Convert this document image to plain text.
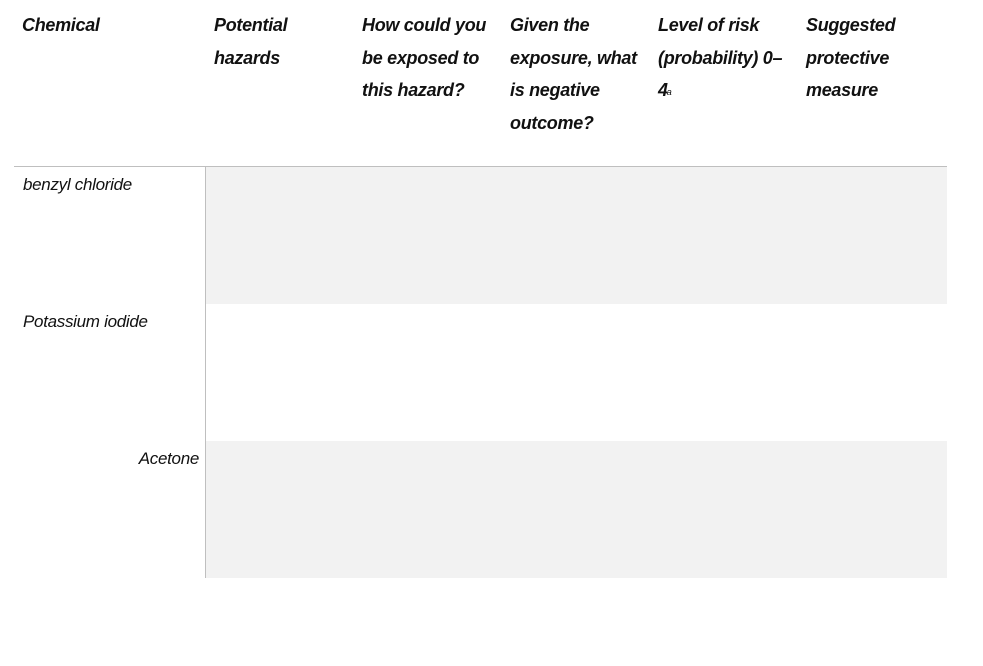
Chemical	Potential hazards
How could you be exposed to this hazard?
Given the exposure, what is negative outcome?
Level of risk (probability) 0–4a
Suggested protective measure
benzyl chloride
Potassium iodide
Acetone
